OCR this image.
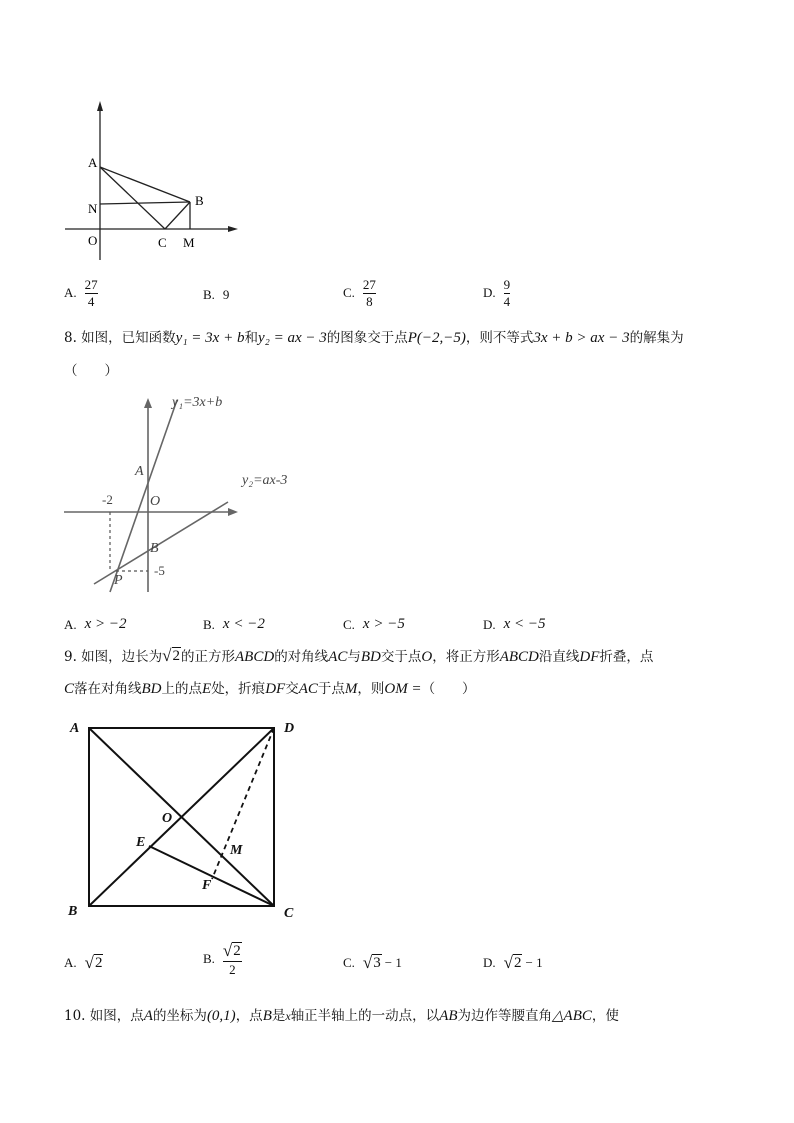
A
N
O	C M
B
A. $\frac{27}{4}$	B. 9	C. $\frac{27}{8}$	D. $\frac{9}{4}$
8. 如图，已知函数y₁ = 3x + b和y₂ = ax − 3的图象交于点P(−2,−5)，则不等式3x + b > ax − 3的解集为
（　　）
y₁=3x+b
y₂=ax-3
A
O
B
P
-2
-5
A. x > −2	B. x < −2	C. x > −5	D. x < −5
9. 如图，边长为 √ 2 的正方形ABCD的对角线AC与BD交于点O，将正方形ABCD沿直线DF折叠，点
C落在对角线BD上的点E处，折痕DF交AC于点M，则OM =（　　）
A	D
B	C
O
E
M
F
A. √ 2	B. $\frac{√ 2}{2}$	C. √ 3 − 1	D. √ 2 − 1
10. 如图，点A的坐标为(0,1)，点B是x轴正半轴上的一动点，以AB为边作等腰直角△ABC，使
